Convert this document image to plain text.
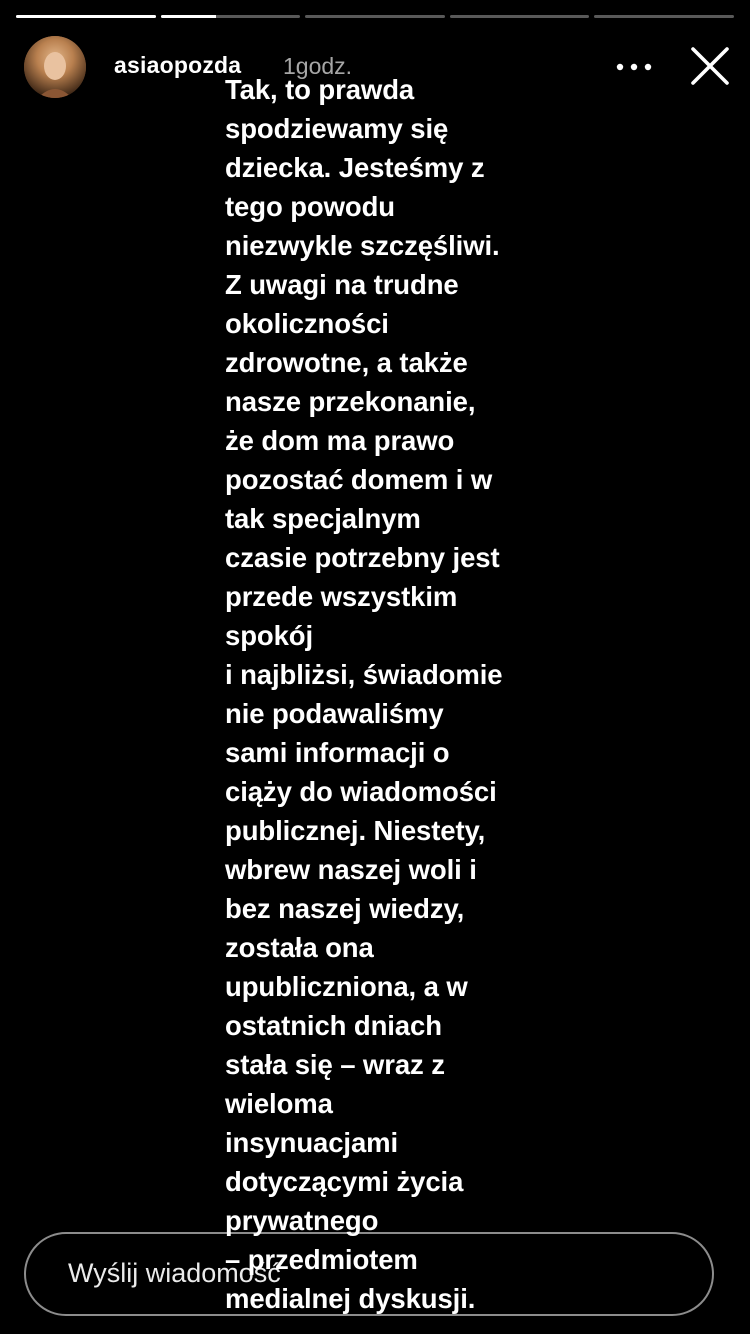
asiaopozda 1godz.
Tak, to prawda
spodziewamy się
dziecka. Jesteśmy z
tego powodu
niezwykle szczęśliwi.
Z uwagi na trudne
okoliczności
zdrowotne, a także
nasze przekonanie,
że dom ma prawo
pozostać domem i w
tak specjalnym
czasie potrzebny jest
przede wszystkim
spokój
i najbliżsi, świadomie
nie podawaliśmy
sami informacji o
ciąży do wiadomości
publicznej. Niestety,
wbrew naszej woli i
bez naszej wiedzy,
została ona
upubliczniona, a w
ostatnich dniach
stała się – wraz z
wieloma
insynuacjami
dotyczącymi życia
prywatnego
– przedmiotem
medialnej dyskusji.
Wyślij wiadomość
